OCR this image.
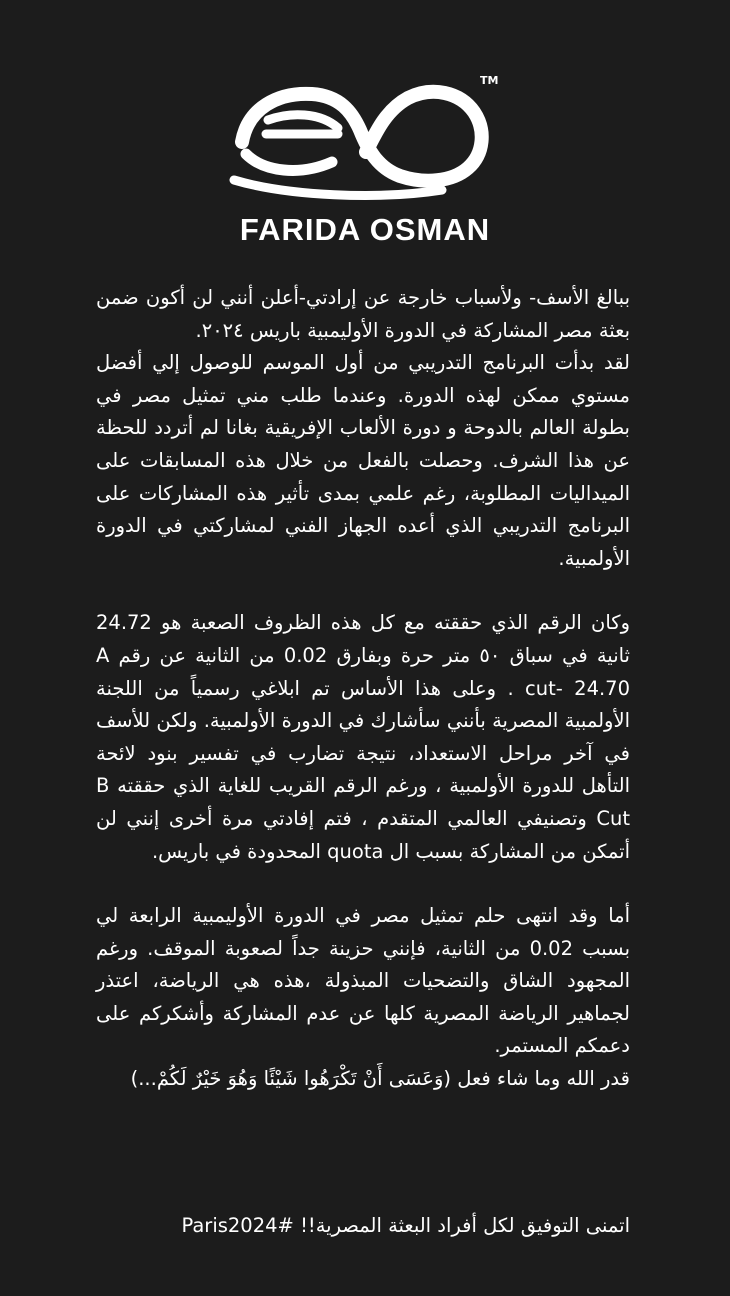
TM
FARIDA OSMAN

ببالغ الأسف- ولأسباب خارجة عن إرادتي-أعلن أنني لن أكون ضمن بعثة مصر المشاركة في الدورة الأوليمبية باريس ٢٠٢٤.

لقد بدأت البرنامج التدريبي من أول الموسم للوصول إلي أفضل مستوي ممكن لهذه الدورة. وعندما طلب مني تمثيل مصر في بطولة العالم بالدوحة و دورة الألعاب الإفريقية بغانا لم أتردد للحظة عن هذا الشرف. وحصلت بالفعل من خلال هذه المسابقات على الميداليات المطلوبة، رغم علمي بمدى تأثير هذه المشاركات على البرنامج التدريبي الذي أعده الجهاز الفني لمشاركتي في الدورة الأولمبية.

وكان الرقم الذي حققته مع كل هذه الظروف الصعبة هو 24.72 ثانية في سباق ٥٠ متر حرة وبفارق 0.02 من الثانية عن رقم A cut- 24.70 . وعلى هذا الأساس تم ابلاغي رسمياً من اللجنة الأولمبية المصرية بأنني سأشارك في الدورة الأولمبية. ولكن للأسف في آخر مراحل الاستعداد، نتيجة تضارب في تفسير بنود لائحة التأهل للدورة الأولمبية ، ورغم الرقم القريب للغاية الذي حققته B Cut وتصنيفي العالمي المتقدم ، فتم إفادتي مرة أخرى إنني لن أتمكن من المشاركة بسبب ال quota المحدودة في باريس.

أما وقد انتهى حلم تمثيل مصر في الدورة الأوليمبية الرابعة لي بسبب 0.02 من الثانية، فإنني حزينة جداً لصعوبة الموقف. ورغم المجهود الشاق والتضحيات المبذولة ،هذه هي الرياضة، اعتذر لجماهير الرياضة المصرية كلها عن عدم المشاركة وأشكركم على دعمكم المستمر.

قدر الله وما شاء فعل (وَعَسَى أَنْ تَكْرَهُوا شَيْئًا وَهُوَ خَيْرٌ لَكُمْ...)

اتمنى التوفيق لكل أفراد البعثة المصرية!! Paris2024#
